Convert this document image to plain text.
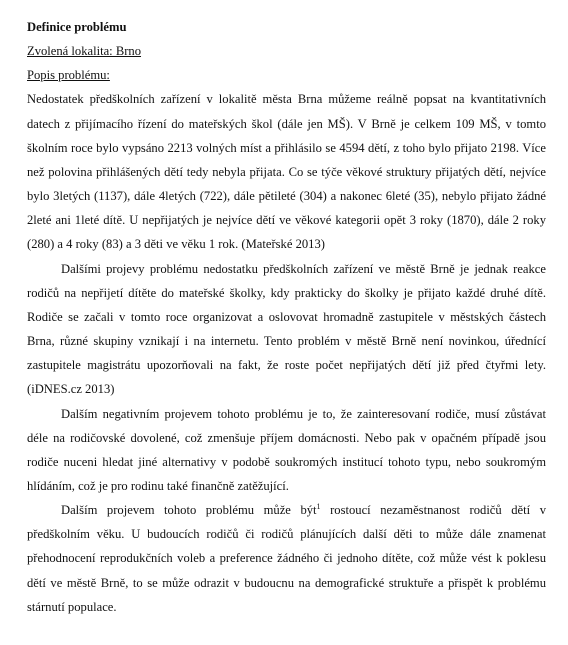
Definice problému

Zvolená lokalita: Brno

Popis problému:

Nedostatek předškolních zařízení v lokalitě města Brna můžeme reálně popsat na kvantitativních datech z přijímacího řízení do mateřských škol (dále jen MŠ). V Brně je celkem 109 MŠ, v tomto školním roce bylo vypsáno 2213 volných míst a přihlásilo se 4594 dětí, z toho bylo přijato 2198. Více než polovina přihlášených dětí tedy nebyla přijata. Co se týče věkové struktury přijatých dětí, nejvíce bylo 3letých (1137), dále 4letých (722), dále pětileté (304) a nakonec 6leté (35), nebylo přijato žádné 2leté ani 1leté dítě. U nepřijatých je nejvíce dětí ve věkové kategorii opět 3 roky (1870), dále 2 roky (280) a 4 roky (83) a 3 děti ve věku 1 rok. (Mateřské 2013)

Dalšími projevy problému nedostatku předškolních zařízení ve městě Brně je jednak reakce rodičů na nepřijetí dítěte do mateřské školky, kdy prakticky do školky je přijato každé druhé dítě. Rodiče se začali v tomto roce organizovat a oslovovat hromadně zastupitele v městských částech Brna, různé skupiny vznikají i na internetu. Tento problém v městě Brně není novinkou, úřednící zastupitele magistrátu upozorňovali na fakt, že roste počet nepřijatých dětí již před čtyřmi lety. (iDNES.cz 2013)

Dalším negativním projevem tohoto problému je to, že zainteresovaní rodiče, musí zůstávat déle na rodičovské dovolené, což zmenšuje příjem domácnosti. Nebo pak v opačném případě jsou rodiče nuceni hledat jiné alternativy v podobě soukromých institucí tohoto typu, nebo soukromým hlídáním, což je pro rodinu také finančně zatěžující.

Dalším projevem tohoto problému může být$^1$ rostoucí nezaměstnanost rodičů dětí v předškolním věku. U budoucích rodičů či rodičů plánujících další děti to může dále znamenat přehodnocení reprodukčních voleb a preference žádného či jednoho dítěte, což může vést k poklesu dětí ve městě Brně, to se může odrazit v budoucnu na demografické struktuře a přispět k problému stárnutí populace.
